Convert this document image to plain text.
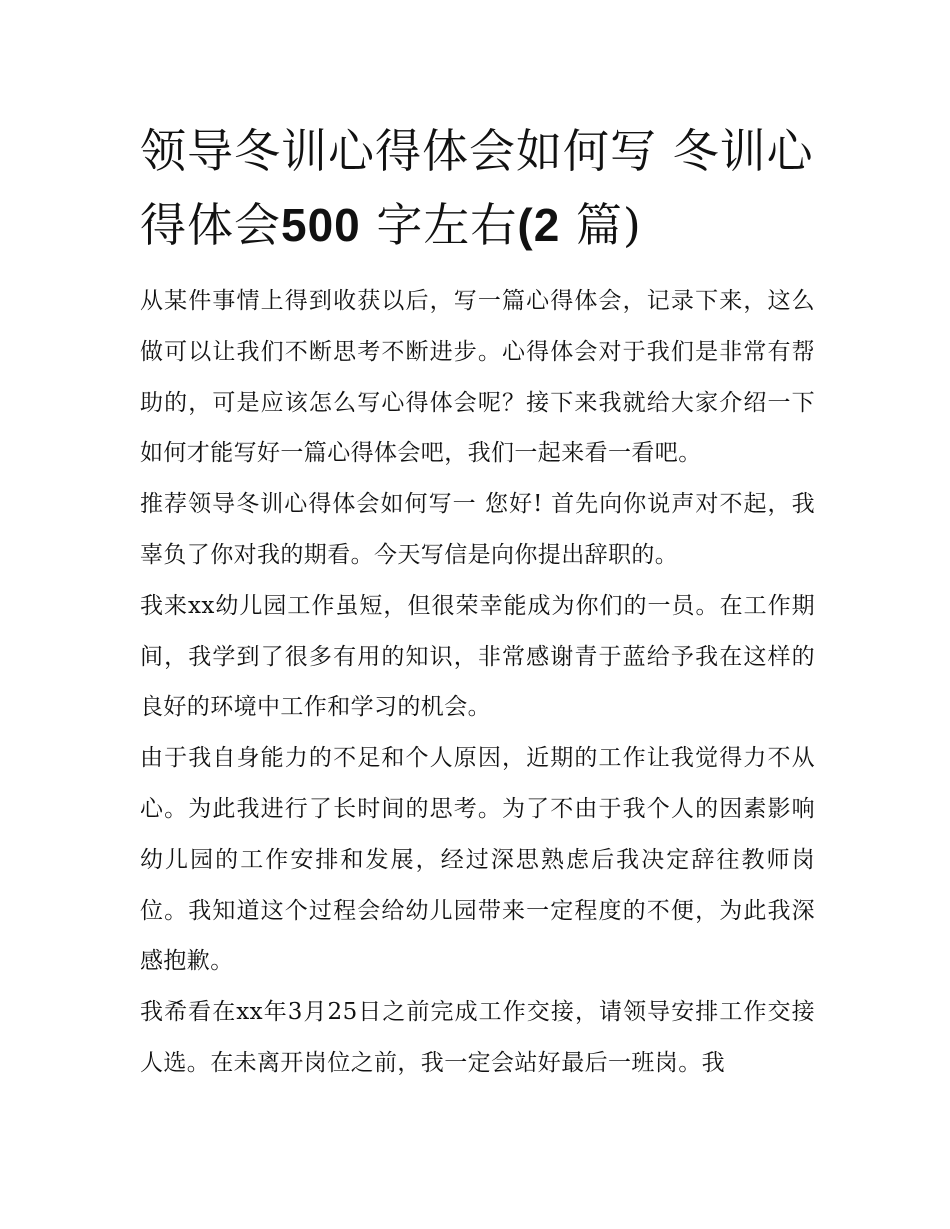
领导冬训心得体会如何写 冬训心得体会500 字左右(2 篇)

从某件事情上得到收获以后，写一篇心得体会，记录下来，这么做可以让我们不断思考不断进步。心得体会对于我们是非常有帮助的，可是应该怎么写心得体会呢？接下来我就给大家介绍一下如何才能写好一篇心得体会吧，我们一起来看一看吧。

推荐领导冬训心得体会如何写一 您好! 首先向你说声对不起，我辜负了你对我的期看。今天写信是向你提出辞职的。

我来xx幼儿园工作虽短，但很荣幸能成为你们的一员。在工作期间，我学到了很多有用的知识，非常感谢青于蓝给予我在这样的良好的环境中工作和学习的机会。

由于我自身能力的不足和个人原因，近期的工作让我觉得力不从心。为此我进行了长时间的思考。为了不由于我个人的因素影响幼儿园的工作安排和发展，经过深思熟虑后我决定辞往教师岗位。我知道这个过程会给幼儿园带来一定程度的不便，为此我深感抱歉。

我希看在xx年3月25日之前完成工作交接，请领导安排工作交接人选。在未离开岗位之前，我一定会站好最后一班岗。我
